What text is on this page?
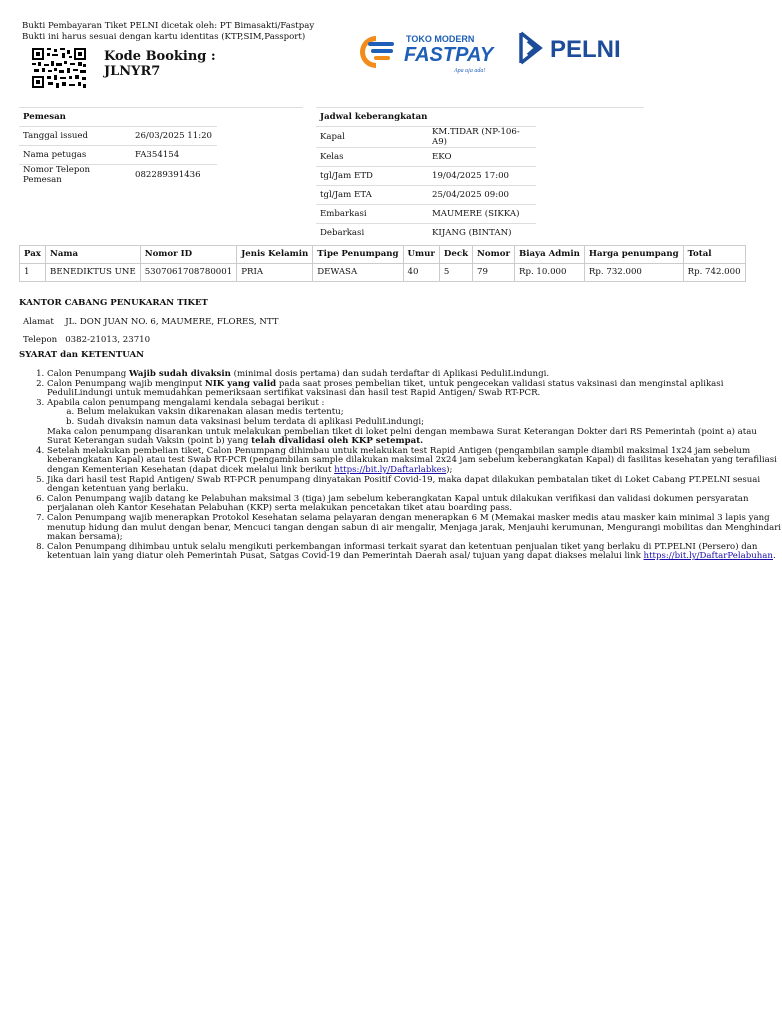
Bukti Pembayaran Tiket PELNI dicetak oleh: PT Bimasakti/Fastpay
Bukti ini harus sesuai dengan kartu identitas (KTP,SIM,Passport)
Kode Booking :
JLNYR7
TOKO MODERN
FASTPAY
Apa aja ada!
PELNI
Pemesan		
Tanggal issued	26/03/2025 11:20	
Nama petugas	FA354154	
Nomor Telepon Pemesan	082289391436	
Jadwal keberangkatan		
Kapal	KM.TIDAR (NP-106-A9)	
Kelas	EKO	
tgl/Jam ETD	19/04/2025 17:00	
tgl/Jam ETA	25/04/2025 09:00	
Embarkasi	MAUMERE (SIKKA)	
Debarkasi	KIJANG (BINTAN)	
Pax	Nama	Nomor ID	Jenis Kelamin	Tipe Penumpang	Umur	Deck	Nomor	Biaya Admin	Harga penumpang	Total
1	BENEDIKTUS UNE	5307061708780001	PRIA	DEWASA	40	5	79	Rp. 10.000	Rp. 732.000	Rp. 742.000
KANTOR CABANG PENUKARAN TIKET
Alamat	JL. DON JUAN NO. 6, MAUMERE, FLORES, NTT
Telepon	0382-21013, 23710
SYARAT dan KETENTUAN
1. Calon Penumpang Wajib sudah divaksin (minimal dosis pertama) dan sudah terdaftar di Aplikasi PeduliLindungi.
2. Calon Penumpang wajib menginput NIK yang valid pada saat proses pembelian tiket, untuk pengecekan validasi status vaksinasi dan menginstal aplikasi PeduliLindungi untuk memudahkan pemeriksaan sertifikat vaksinasi dan hasil test Rapid Antigen/ Swab RT-PCR.
3. Apabila calon penumpang mengalami kendala sebagai berikut :
a. Belum melakukan vaksin dikarenakan alasan medis tertentu;
b. Sudah divaksin namun data vaksinasi belum terdata di aplikasi PeduliLindungi;
Maka calon penumpang disarankan untuk melakukan pembelian tiket di loket pelni dengan membawa Surat Keterangan Dokter dari RS Pemerintah (point a) atau Surat Keterangan sudah Vaksin (point b) yang telah divalidasi oleh KKP setempat.
4. Setelah melakukan pembelian tiket, Calon Penumpang dihimbau untuk melakukan test Rapid Antigen (pengambilan sample diambil maksimal 1x24 jam sebelum keberangkatan Kapal) atau test Swab RT-PCR (pengambilan sample dilakukan maksimal 2x24 jam sebelum keberangkatan Kapal) di fasilitas kesehatan yang terafiliasi dengan Kementerian Kesehatan (dapat dicek melalui link berikut https://bit.ly/Daftarlabkes);
5. Jika dari hasil test Rapid Antigen/ Swab RT-PCR penumpang dinyatakan Positif Covid-19, maka dapat dilakukan pembatalan tiket di Loket Cabang PT.PELNI sesuai dengan ketentuan yang berlaku.
6. Calon Penumpang wajib datang ke Pelabuhan maksimal 3 (tiga) jam sebelum keberangkatan Kapal untuk dilakukan verifikasi dan validasi dokumen persyaratan perjalanan oleh Kantor Kesehatan Pelabuhan (KKP) serta melakukan pencetakan tiket atau boarding pass.
7. Calon Penumpang wajib menerapkan Protokol Kesehatan selama pelayaran dengan menerapkan 6 M (Memakai masker medis atau masker kain minimal 3 lapis yang menutup hidung dan mulut dengan benar, Mencuci tangan dengan sabun di air mengalir, Menjaga jarak, Menjauhi kerumunan, Mengurangi mobilitas dan Menghindari makan bersama);
8. Calon Penumpang dihimbau untuk selalu mengikuti perkembangan informasi terkait syarat dan ketentuan penjualan tiket yang berlaku di PT.PELNI (Persero) dan ketentuan lain yang diatur oleh Pemerintah Pusat, Satgas Covid-19 dan Pemerintah Daerah asal/ tujuan yang dapat diakses melalui link https://bit.ly/DaftarPelabuhan.
